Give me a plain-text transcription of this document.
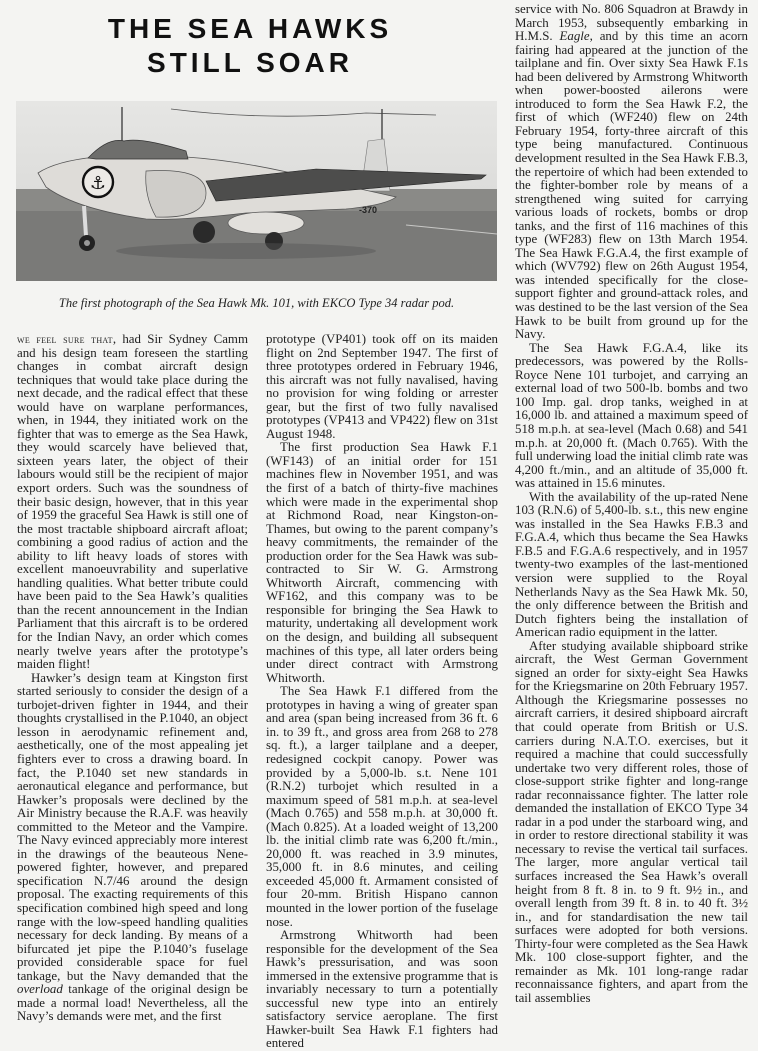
THE SEA HAWKS
STILL SOAR
⚓
-370
The first photograph of the Sea Hawk Mk. 101, with EKCO Type 34 radar pod.

we feel sure that, had Sir Sydney Camm and his design team foreseen the startling changes in combat aircraft design techniques that would take place during the next decade, and the radical effect that these would have on warplane performances, when, in 1944, they initiated work on the fighter that was to emerge as the Sea Hawk, they would scarcely have believed that, sixteen years later, the object of their labours would still be the recipient of major export orders. Such was the soundness of their basic design, however, that in this year of 1959 the graceful Sea Hawk is still one of the most tractable shipboard aircraft afloat; combining a good radius of action and the ability to lift heavy loads of stores with excellent manoeuvrability and superlative handling qualities. What better tribute could have been paid to the Sea Hawk’s qualities than the recent announcement in the Indian Parliament that this aircraft is to be ordered for the Indian Navy, an order which comes nearly twelve years after the prototype’s maiden flight!

Hawker’s design team at Kingston first started seriously to consider the design of a turbojet-driven fighter in 1944, and their thoughts crystallised in the P.1040, an object lesson in aerodynamic refinement and, aesthetically, one of the most appealing jet fighters ever to cross a drawing board. In fact, the P.1040 set new standards in aeronautical elegance and performance, but Hawker’s proposals were declined by the Air Ministry because the R.A.F. was heavily committed to the Meteor and the Vampire. The Navy evinced appreciably more interest in the drawings of the beauteous Nene-powered fighter, however, and prepared specification N.7/46 around the design proposal. The exacting requirements of this specification combined high speed and long range with the low-speed handling qualities necessary for deck landing. By means of a bifurcated jet pipe the P.1040’s fuselage provided considerable space for fuel tankage, but the Navy demanded that the overload tankage of the original design be made a normal load! Nevertheless, all the Navy’s demands were met, and the first

prototype (VP401) took off on its maiden flight on 2nd September 1947. The first of three prototypes ordered in February 1946, this aircraft was not fully navalised, having no provision for wing folding or arrester gear, but the first of two fully navalised prototypes (VP413 and VP422) flew on 31st August 1948.

The first production Sea Hawk F.1 (WF143) of an initial order for 151 machines flew in November 1951, and was the first of a batch of thirty-five machines which were made in the experimental shop at Richmond Road, near Kingston-on-Thames, but owing to the parent company’s heavy commitments, the remainder of the production order for the Sea Hawk was sub-contracted to Sir W. G. Armstrong Whitworth Aircraft, commencing with WF162, and this company was to be responsible for bringing the Sea Hawk to maturity, undertaking all development work on the design, and building all subsequent machines of this type, all later orders being under direct contract with Armstrong Whitworth.

The Sea Hawk F.1 differed from the prototypes in having a wing of greater span and area (span being increased from 36 ft. 6 in. to 39 ft., and gross area from 268 to 278 sq. ft.), a larger tailplane and a deeper, redesigned cockpit canopy. Power was provided by a 5,000-lb. s.t. Nene 101 (R.N.2) turbojet which resulted in a maximum speed of 581 m.p.h. at sea-level (Mach 0.765) and 558 m.p.h. at 30,000 ft. (Mach 0.825). At a loaded weight of 13,200 lb. the initial climb rate was 6,200 ft./min., 20,000 ft. was reached in 3.9 minutes, 35,000 ft. in 8.6 minutes, and ceiling exceeded 45,000 ft. Armament consisted of four 20-mm. British Hispano cannon mounted in the lower portion of the fuselage nose.

Armstrong Whitworth had been responsible for the development of the Sea Hawk’s pressurisation, and was soon immersed in the extensive programme that is invariably necessary to turn a potentially successful new type into an entirely satisfactory service aeroplane. The first Hawker-built Sea Hawk F.1 fighters had entered

service with No. 806 Squadron at Brawdy in March 1953, subsequently embarking in H.M.S. Eagle, and by this time an acorn fairing had appeared at the junction of the tailplane and fin. Over sixty Sea Hawk F.1s had been delivered by Armstrong Whitworth when power-boosted ailerons were introduced to form the Sea Hawk F.2, the first of which (WF240) flew on 24th February 1954, forty-three aircraft of this type being manufactured. Continuous development resulted in the Sea Hawk F.B.3, the repertoire of which had been extended to the fighter-bomber role by means of a strengthened wing suited for carrying various loads of rockets, bombs or drop tanks, and the first of 116 machines of this type (WF283) flew on 13th March 1954. The Sea Hawk F.G.A.4, the first example of which (WV792) flew on 26th August 1954, was intended specifically for the close-support fighter and ground-attack roles, and was destined to be the last version of the Sea Hawk to be built from ground up for the Navy.

The Sea Hawk F.G.A.4, like its predecessors, was powered by the Rolls-Royce Nene 101 turbojet, and carrying an external load of two 500-lb. bombs and two 100 Imp. gal. drop tanks, weighed in at 16,000 lb. and attained a maximum speed of 518 m.p.h. at sea-level (Mach 0.68) and 541 m.p.h. at 20,000 ft. (Mach 0.765). With the full underwing load the initial climb rate was 4,200 ft./min., and an altitude of 35,000 ft. was attained in 15.6 minutes.

With the availability of the up-rated Nene 103 (R.N.6) of 5,400-lb. s.t., this new engine was installed in the Sea Hawks F.B.3 and F.G.A.4, which thus became the Sea Hawks F.B.5 and F.G.A.6 respectively, and in 1957 twenty-two examples of the last-mentioned version were supplied to the Royal Netherlands Navy as the Sea Hawk Mk. 50, the only difference between the British and Dutch fighters being the installation of American radio equipment in the latter.

After studying available shipboard strike aircraft, the West German Government signed an order for sixty-eight Sea Hawks for the Kriegsmarine on 20th February 1957. Although the Kriegsmarine possesses no aircraft carriers, it desired shipboard aircraft that could operate from British or U.S. carriers during N.A.T.O. exercises, but it required a machine that could successfully undertake two very different roles, those of close-support strike fighter and long-range radar reconnaissance fighter. The latter role demanded the installation of EKCO Type 34 radar in a pod under the starboard wing, and in order to restore directional stability it was necessary to revise the vertical tail surfaces. The larger, more angular vertical tail surfaces increased the Sea Hawk’s overall height from 8 ft. 8 in. to 9 ft. 9½ in., and overall length from 39 ft. 8 in. to 40 ft. 3½ in., and for standardisation the new tail surfaces were adopted for both versions. Thirty-four were completed as the Sea Hawk Mk. 100 close-support fighter, and the remainder as Mk. 101 long-range radar reconnaissance fighters, and apart from the tail assemblies
